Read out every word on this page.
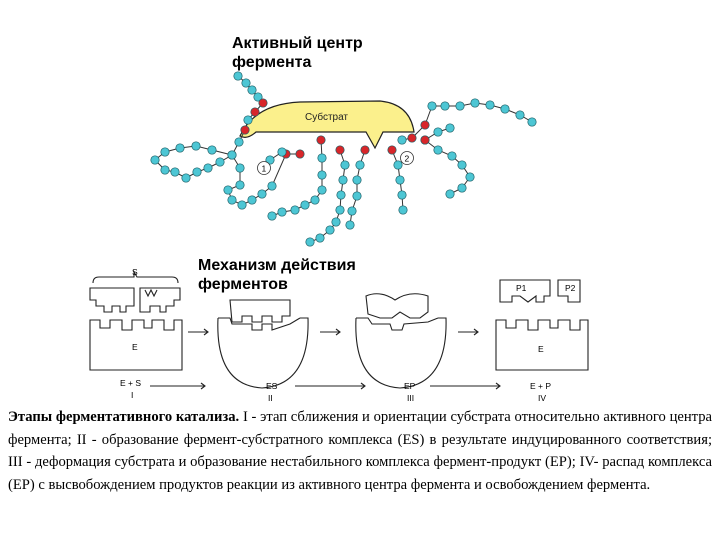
Активный центр фермента
Субстрат
1
2
S
E	E
P1	P2
E + S
I
ES
II
EP
III
E + P
IV
Механизм действия ферментов
Этапы ферментативного катализа. I - этап сближения и ориентации субстрата относительно активного центра фермента; II - образование фермент-субстратного комплекса (ES) в результате индуцированного соответствия; III - деформация субстрата и образование нестабильного комплекса фермент-продукт (EP); IV- распад комплекса (EP) с высвобождением продуктов реакции из активного центра фермента и освобождением фермента.
